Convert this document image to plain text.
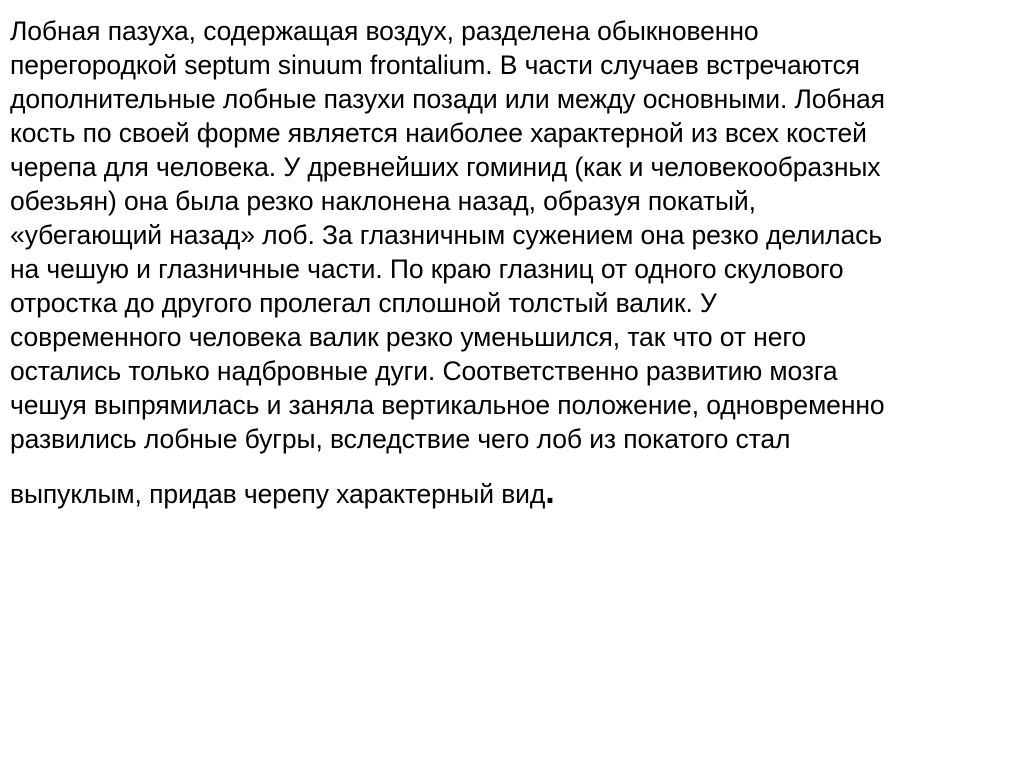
Лобная пазуха, содержащая воздух, разделена обыкновенно
перегородкой septum sinuum frontalium. В части случаев встречаются
дополнительные лобные пазухи позади или между основными. Лобная
кость по своей форме является наиболее характерной из всех костей
черепа для человека. У древнейших гоминид (как и человекообразных
обезьян) она была резко наклонена назад, образуя покатый,
«убегающий назад» лоб. За глазничным сужением она резко делилась
на чешую и глазничные части. По краю глазниц от одного скулового
отростка до другого пролегал сплошной толстый валик. У
современного человека валик резко уменьшился, так что от него
остались только надбровные дуги. Соответственно развитию мозга
чешуя выпрямилась и заняла вертикальное положение, одновременно
развились лобные бугры, вследствие чего лоб из покатого стал
выпуклым, придав черепу характерный вид.
